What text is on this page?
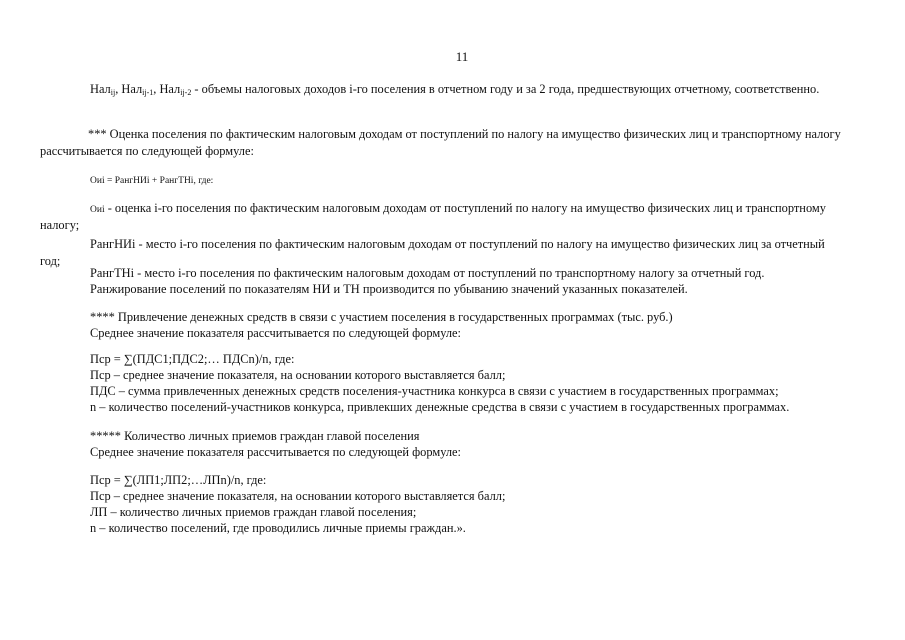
11

Нал$_{ij}$, Нал$_{ij-1}$, Нал$_{ij-2}$ - объемы налоговых доходов i-го поселения в отчетном году и за 2 года, предшествующих отчетному, соответственно.

*** Оценка поселения по фактическим налоговым доходам от поступлений по налогу на имущество физических лиц и транспортному налогу

рассчитывается по следующей формуле:

Оиi = РангНИi + РангТНi, где:

Оиi - оценка i-го поселения по фактическим налоговым доходам от поступлений по налогу на имущество физических лиц и транспортному

налогу;

РангНИi - место i-го поселения по фактическим налоговым доходам от поступлений по налогу на имущество физических лиц за отчетный

год;

РангТНi - место i-го поселения по фактическим налоговым доходам от поступлений по транспортному налогу за отчетный год.

Ранжирование поселений по показателям НИ и ТН производится по убыванию значений указанных показателей.

**** Привлечение денежных средств в связи с участием поселения в государственных программах (тыс. руб.)

Среднее значение показателя рассчитывается по следующей формуле:

Пср = ∑(ПДС1;ПДС2;… ПДСn)/n, где:

Пср – среднее значение показателя, на основании которого выставляется балл;

ПДС – сумма привлеченных денежных средств поселения-участника конкурса в связи с участием в государственных программах;

n – количество поселений-участников конкурса, привлекших денежные средства в связи с участием в государственных программах.

***** Количество личных приемов граждан главой поселения

Среднее значение показателя рассчитывается по следующей формуле:

Пср = ∑(ЛП1;ЛП2;…ЛПn)/n, где:

Пср – среднее значение показателя, на основании которого выставляется балл;

ЛП – количество личных приемов граждан главой поселения;

n – количество поселений, где проводились личные приемы граждан.».
